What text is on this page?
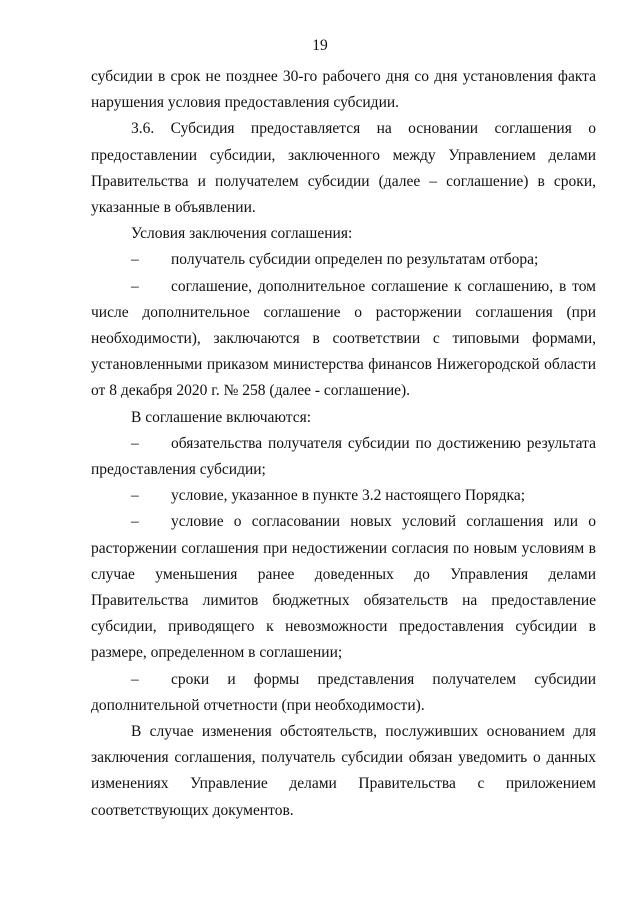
19

субсидии в срок не позднее 30-го рабочего дня со дня установления факта

нарушения условия предоставления субсидии.

3.6. Субсидия предоставляется на основании соглашения о

предоставлении субсидии, заключенного между Управлением делами Правительства и получателем субсидии (далее – соглашение) в сроки, указанные в объявлении.

Условия заключения соглашения:

–	получатель субсидии определен по результатам отбора;
–	соглашение, дополнительное соглашение к соглашению, в том

числе дополнительное соглашение о расторжении соглашения (при необходимости), заключаются в соответствии с типовыми формами, установленными приказом министерства финансов Нижегородской области от 8 декабря 2020 г. № 258 (далее - соглашение).

В соглашение включаются:

–	обязательства получателя субсидии по достижению результата

предоставления субсидии;

–	условие, указанное в пункте 3.2 настоящего Порядка;
–	условие о согласовании новых условий соглашения или о

расторжении соглашения при недостижении согласия по новым условиям в случае уменьшения ранее доведенных до Управления делами Правительства лимитов бюджетных обязательств на предоставление субсидии, приводящего к невозможности предоставления субсидии в размере, определенном в соглашении;

–	сроки и формы представления получателем субсидии

дополнительной отчетности (при необходимости).

В случае изменения обстоятельств, послуживших основанием для заключения соглашения, получатель субсидии обязан уведомить о данных изменениях Управление делами Правительства с приложением соответствующих документов.
